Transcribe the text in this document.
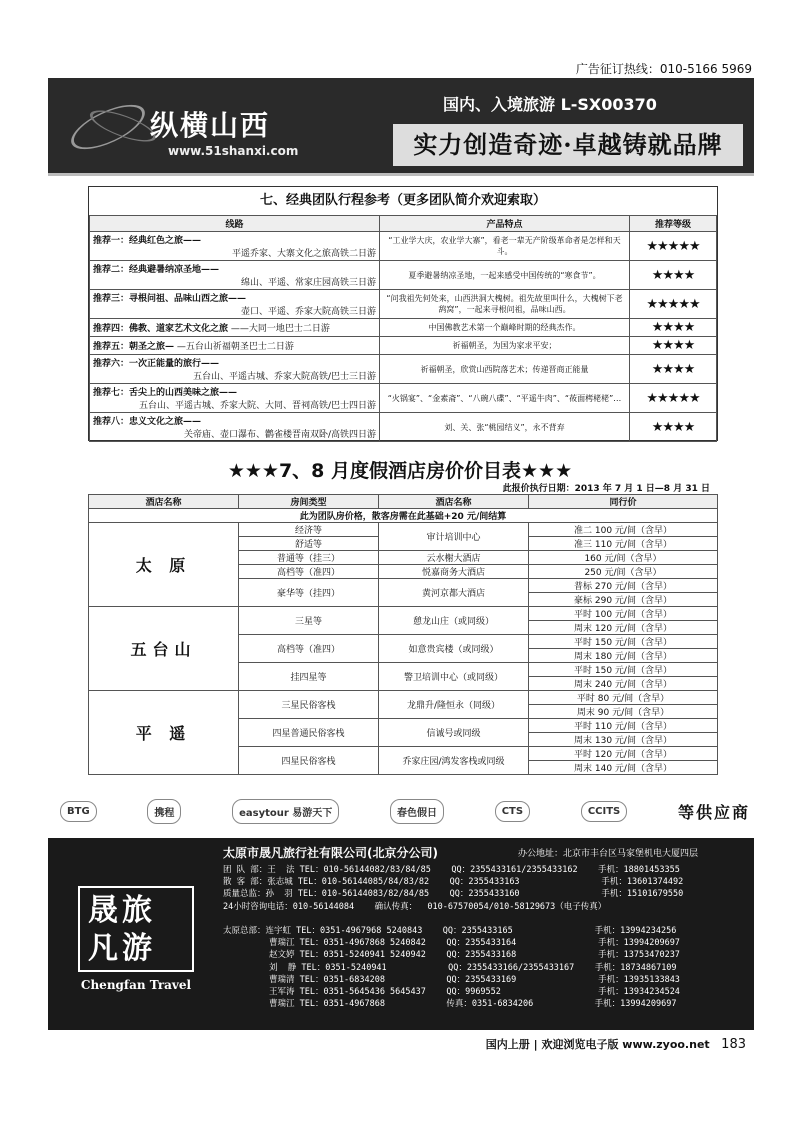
广告征订热线：010-5166 5969
纵横山西
www.51shanxi.com
国内、入境旅游 L-SX00370
实力创造奇迹·卓越铸就品牌
七、经典团队行程参考（更多团队简介欢迎索取）
线路	产品特点	推荐等级

推荐一：经典红色之旅——
平遥乔家、大寨文化之旅高铁二日游	“工业学大庆，农业学大寨”，看老一辈无产阶级革命者是怎样和天斗。	★★★★★

推荐二：经典避暑纳凉圣地——
绵山、平遥、常家庄园高铁三日游	夏季避暑纳凉圣地，一起来感受中国传统的“寒食节”。	★★★★

推荐三：寻根问祖、品味山西之旅——
壶口、平遥、乔家大院高铁三日游	“问我祖先何处来，山西洪洞大槐树。祖先故里叫什么，大槐树下老鸹窝”，一起来寻根问祖，品味山西。	★★★★★
推荐四：佛教、道家艺术文化之旅 ——大同一地巴士二日游	中国佛教艺术第一个巅峰时期的经典杰作。	★★★★
推荐五：朝圣之旅— —五台山祈福朝圣巴士二日游	祈福朝圣，为国为家求平安；	★★★★

推荐六：一次正能量的旅行——
五台山、平遥古城、乔家大院高铁/巴士三日游	祈福朝圣，欣赏山西院落艺术；传递晋商正能量	★★★★

推荐七：舌尖上的山西美味之旅——
五台山、平遥古城、乔家大院、大同、晋祠高铁/巴士四日游	“火锅宴”、“金素斋”、“八碗八碟”、“平遥牛肉”、“莜面栲栳栳”…	★★★★★

推荐八：忠义文化之旅——
关帝庙、壶口瀑布、鹳雀楼晋南双卧/高铁四日游	刘、关、张“桃园结义”，永不背弃	★★★★
★★★7、8 月度假酒店房价价目表★★★
此报价执行日期：2013 年 7 月 1 日—8 月 31 日
酒店名称	房间类型	酒店名称	同行价
此为团队房价格，散客房需在此基础+20 元/间结算			
太 原	经济等	审计培训中心	准二 100 元/间（含早）
	舒适等		准三 110 元/间（含早）
	普通等（挂三）	云水榭大酒店	160 元/间（含早）
	高档等（准四）	悦嘉商务大酒店	250 元/间（含早）
	豪华等（挂四）	黄河京都大酒店	普标 270 元/间（含早）
			豪标 290 元/间（含早）
五台山	三星等	憩龙山庄（或同级）	平时 100 元/间（含早）
			周末 120 元/间（含早）
	高档等（准四）	如意贵宾楼（或同级）	平时 150 元/间（含早）
			周末 180 元/间（含早）
	挂四星等	警卫培训中心（或同级）	平时 150 元/间（含早）
			周末 240 元/间（含早）
平 遥	三星民俗客栈	龙鼎升/隆恒永（同级）	平时 80 元/间（含早）
			周末 90 元/间（含早）
	四星普通民俗客栈	信诚号或同级	平时 110 元/间（含早）
			周末 130 元/间（含早）
	四星民俗客栈	乔家庄园/鸿发客栈或同级	平时 120 元/间（含早）
			周末 140 元/间（含早）
BTG	携程	easytour 易游天下	春色假日	CTS	CCITS	等供应商
晟旅凡游
Chengfan Travel
太原市晟凡旅行社有限公司(北京分公司)	办公地址：北京市丰台区马家堡机电大厦四层
团 队 部：王  法 TEL：010-56144082/83/84/85    QQ：2355433161/2355433162    手机：18801453355
散 客 部：张志城 TEL：010-56144085/84/83/82    QQ：2355433163                手机：13601374492
质量总监：孙  羽 TEL：010-56144083/82/84/85    QQ：2355433160                手机：15101679550
24小时咨询电话：010-56144084    确认传真：  010-67570054/010-58129673（电子传真）

太原总部：连宇虹 TEL：0351-4967968 5240843    QQ：2355433165                手机：13994234256
曹瑞江 TEL：0351-4967868 5240842    QQ：2355433164                手机：13994209697
赵文婷 TEL：0351-5240941 5240942    QQ：2355433168                手机：13753470237
刘  静 TEL：0351-5240941            QQ：2355433166/2355433167    手机：18734867109
曹瑞清 TEL：0351-6834208            QQ：2355433169                手机：13935133843
王军涛 TEL：0351-5645436 5645437    QQ：9969552                   手机：13934234524
曹瑞江 TEL：0351-4967868            传真：0351-6834206            手机：13994209697
国内上册 | 欢迎浏览电子版 www.zyoo.net 183
